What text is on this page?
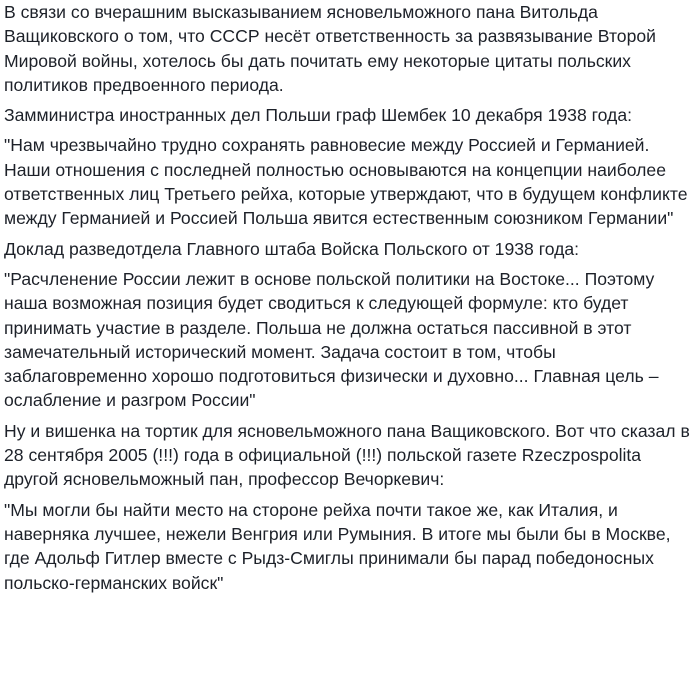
В связи со вчерашним высказыванием ясновельможного пана Витольда Ващиковского о том, что СССР несёт ответственность за развязывание Второй Мировой войны, хотелось бы дать почитать ему некоторые цитаты польских политиков предвоенного периода.

Замминистра иностранных дел Польши граф Шембек 10 декабря 1938 года:

"Нам чрезвычайно трудно сохранять равновесие между Россией и Германией. Наши отношения с последней полностью основываются на концепции наиболее ответственных лиц Третьего рейха, которые утверждают, что в будущем конфликте между Германией и Россией Польша явится естественным союзником Германии"

Доклад разведотдела Главного штаба Войска Польского от 1938 года:

"Расчленение России лежит в основе польской политики на Востоке... Поэтому наша возможная позиция будет сводиться к следующей формуле: кто будет принимать участие в разделе. Польша не должна остаться пассивной в этот замечательный исторический момент. Задача состоит в том, чтобы заблаговременно хорошо подготовиться физически и духовно... Главная цель – ослабление и разгром России"

Ну и вишенка на тортик для ясновельможного пана Ващиковского. Вот что сказал в 28 сентября 2005 (!!!) года в официальной (!!!) польской газете Rzeczpospolita другой ясновельможный пан, профессор Вечоркевич:

"Мы могли бы найти место на стороне рейха почти такое же, как Италия, и наверняка лучшее, нежели Венгрия или Румыния. В итоге мы были бы в Москве, где Адольф Гитлер вместе с Рыдз-Смиглы принимали бы парад победоносных польско-германских войск"
